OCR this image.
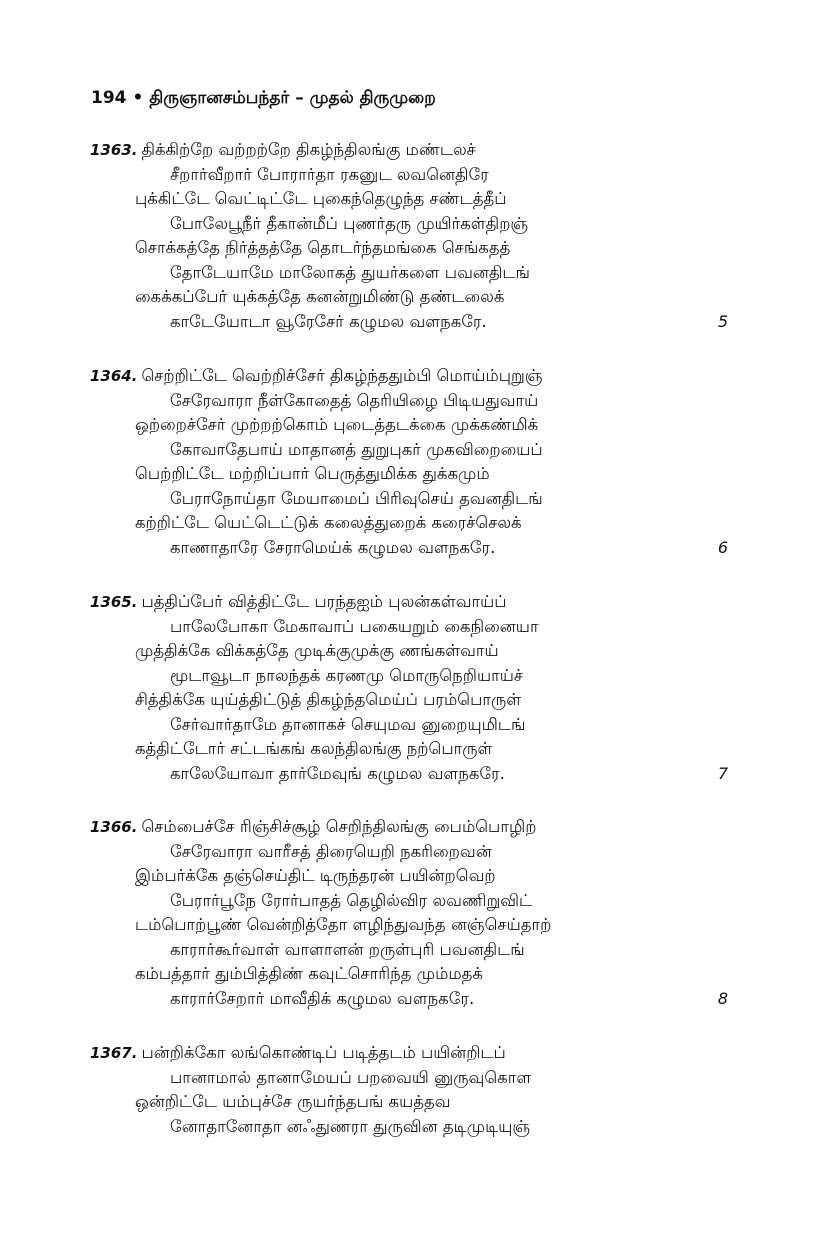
194 • திருஞானசம்பந்தர் – முதல் திருமுறை
1363. திக்கிற்றே வற்றற்றே திகழ்ந்திலங்கு மண்டலச்
சீறார்வீறார் போரார்தா ரகனுட லவனெதிரே
புக்கிட்டே வெட்டிட்டே புகைந்தெழுந்த சண்டத்தீப்
போலேபூநீர் தீகான்மீப் புணர்தரு முயிர்கள்திறஞ்
சொக்கத்தே நிர்த்தத்தே தொடர்ந்தமங்கை செங்கதத்
தோடேயாமே மாலோகத் துயர்களை பவனதிடங்
கைக்கப்பேர் யுக்கத்தே கனன்றுமிண்டு தண்டலைக்
காடேயோடா வூரேசேர் கழுமல வளநகரே.	5
1364. செற்றிட்டே வெற்றிச்சேர் திகழ்ந்ததும்பி மொய்ம்புறுஞ்
சேரேவாரா நீள்கோதைத் தெரியிழை பிடியதுவாய்
ஒற்றைச்சேர் முற்றற்கொம் புடைத்தடக்கை முக்கண்மிக்
கோவாதேபாய் மாதானத் துறுபுகர் முகவிறையைப்
பெற்றிட்டே மற்றிப்பார் பெருத்துமிக்க துக்கமும்
பேராநோய்தா மேயாமைப் பிரிவுசெய் தவனதிடங்
கற்றிட்டே யெட்டெட்டுக் கலைத்துறைக் கரைச்செலக்
காணாதாரே சேராமெய்க் கழுமல வளநகரே.	6
1365. பத்திப்பேர் வித்திட்டே பரந்தஐம் புலன்கள்வாய்ப்
பாலேபோகா மேகாவாப் பகையறும் கைநினையா
முத்திக்கே விக்கத்தே முடிக்குமுக்கு ணங்கள்வாய்
மூடாவூடா நாலந்தக் கரணமு மொருநெறியாய்ச்
சித்திக்கே யுய்த்திட்டுத் திகழ்ந்தமெய்ப் பரம்பொருள்
சேர்வார்தாமே தானாகச் செயுமவ னுறையுமிடங்
கத்திட்டோர் சட்டங்கங் கலந்திலங்கு நற்பொருள்
காலேயோவா தார்மேவுங் கழுமல வளநகரே.	7
1366. செம்பைச்சே ரிஞ்சிச்சூழ் செறிந்திலங்கு பைம்பொழிற்
சேரேவாரா வாரீசத் திரையெறி நகரிறைவன்
இம்பர்க்கே தஞ்செய்திட் டிருந்தரன் பயின்றவெற்
பேரார்பூநே ரோர்பாதத் தெழில்விர லவணிறுவிட்
டம்பொற்பூண் வென்றித்தோ ளழிந்துவந்த னஞ்செய்தாற்
காரார்கூர்வாள் வாளாளன் றருள்புரி பவனதிடங்
கம்பத்தார் தும்பித்திண் கவுட்சொரிந்த மும்மதக்
காரார்சேறார் மாவீதிக் கழுமல வளநகரே.	8
1367. பன்றிக்கோ லங்கொண்டிப் படித்தடம் பயின்றிடப்
பானாமால் தானாமேயப் பறவையி னுருவுகொள
ஒன்றிட்டே யம்புச்சே ருயர்ந்தபங் கயத்தவ
னோதானோதா னஃதுணரா துருவின தடிமுடியுஞ்
